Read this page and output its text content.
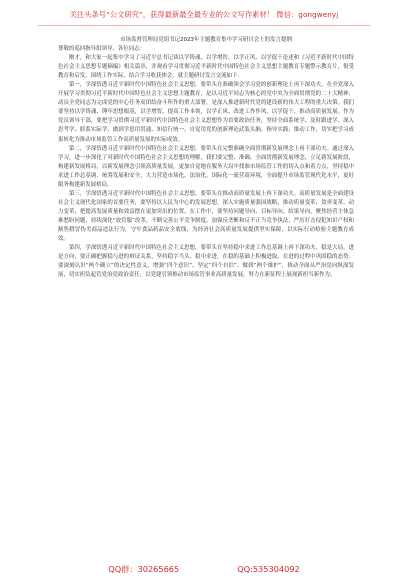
关注头条号“公文研究”，获得最新最全最专业的公文写作素材！ 微信：gongwenyj

市场监督管理局党组书记2023年主题教育集中学习研讨会上的发言提纲

尊敬的巡回指导组领导、各位同志：

刚才，和大家一起集中学习了习近平总书记谈以学铸魂、以学增智、以学正风、以学促干论述和《习近平新时代中国特色社会主义思想专题摘编》相关篇章，并观看学习贯彻习近平新时代中国特色社会主义思想主题教育专题警示教育片，很受教育和启发。围绕工作实际，结合学习收获体会，就主题研讨发言交流如下：

第一，学深悟透习近平新时代中国特色社会主义思想，要带头在准确领会学习党的创新理论上再下深功夫。在全党深入开展学习贯彻习近平新时代中国特色社会主义思想主题教育，是以习近平同志为核心的党中央为全面贯彻党的二十大精神、动员全党同志为完成党的中心任务而团结奋斗所作的重大部署，是深入推进新时代党的建设新的伟大工程的重大决策。我们要坚持以学铸魂、锤牢思想根基，以学增智、提高工作本领，以学正风、改进工作作风，以学促干、推动高质量发展。作为党员领导干部，要把学习贯彻习近平新时代中国特色社会主义思想作为首要政治任务，坚持全面系统学、及时跟进学、深入思考学、联系实际学，做到学思用贯通、知信行统一，自觉用党的创新理论武装头脑、指导实践、推动工作，切实把学习成果转化为推动市场监管工作高质量发展的实际成效。

第二，学深悟透习近平新时代中国特色社会主义思想，要带头在完整准确全面贯彻新发展理念上再下深功夫。通过深入学习，进一步深化了对新时代中国特色社会主义思想的理解，我们要完整、准确、全面贯彻新发展理念，立足新发展阶段，构建新发展格局，以新发展理念引领高质量发展，更加自觉地在服务大局中找准市场监管工作的切入点和着力点，坚持稳中求进工作总基调，统筹发展和安全，大力营造市场化、法治化、国际化一流营商环境，全面提升市场监管现代化水平，更好服务构建新发展格局。

第三，学深悟透习近平新时代中国特色社会主义思想，要带头在推动高质量发展上再下深功夫。高质量发展是全面建设社会主义现代化国家的首要任务，要坚持以人民为中心的发展思想，深入实施质量强国战略，推动质量变革、效率变革、动力变革，把提高发展质量和效益摆在更加突出的位置。在工作中，要坚持问题导向、目标导向、结果导向，聚焦经营主体急难愁盼问题，持续深化“放管服”改革，不断完善公平竞争制度，加强反垄断和反不正当竞争执法，严厉打击侵犯知识产权和制售假冒伪劣商品违法行为，守牢食品药品安全底线，为经济社会高质量发展提供坚实保障，以实际行动检验主题教育成效。

第四，学深悟透习近平新时代中国特色社会主义思想，要带头在坚持稳中求进工作总基调上再下深功夫。稳是大局，进是方向，要正确把握稳与进的辩证关系，坚持稳字当头、稳中求进，在稳的基础上积极进取，在进的过程中巩固稳的态势。要深刻认识“两个确立”的决定性意义，增强“四个意识”、坚定“四个自信”、做到“两个维护”，推动全面从严治党向纵深发展，切实担负起管党治党政治责任，以党建引领推动市场监管事业高质量发展，努力在新征程上展现新担当新作为。

QQ群：30265665	QQ:535304092
